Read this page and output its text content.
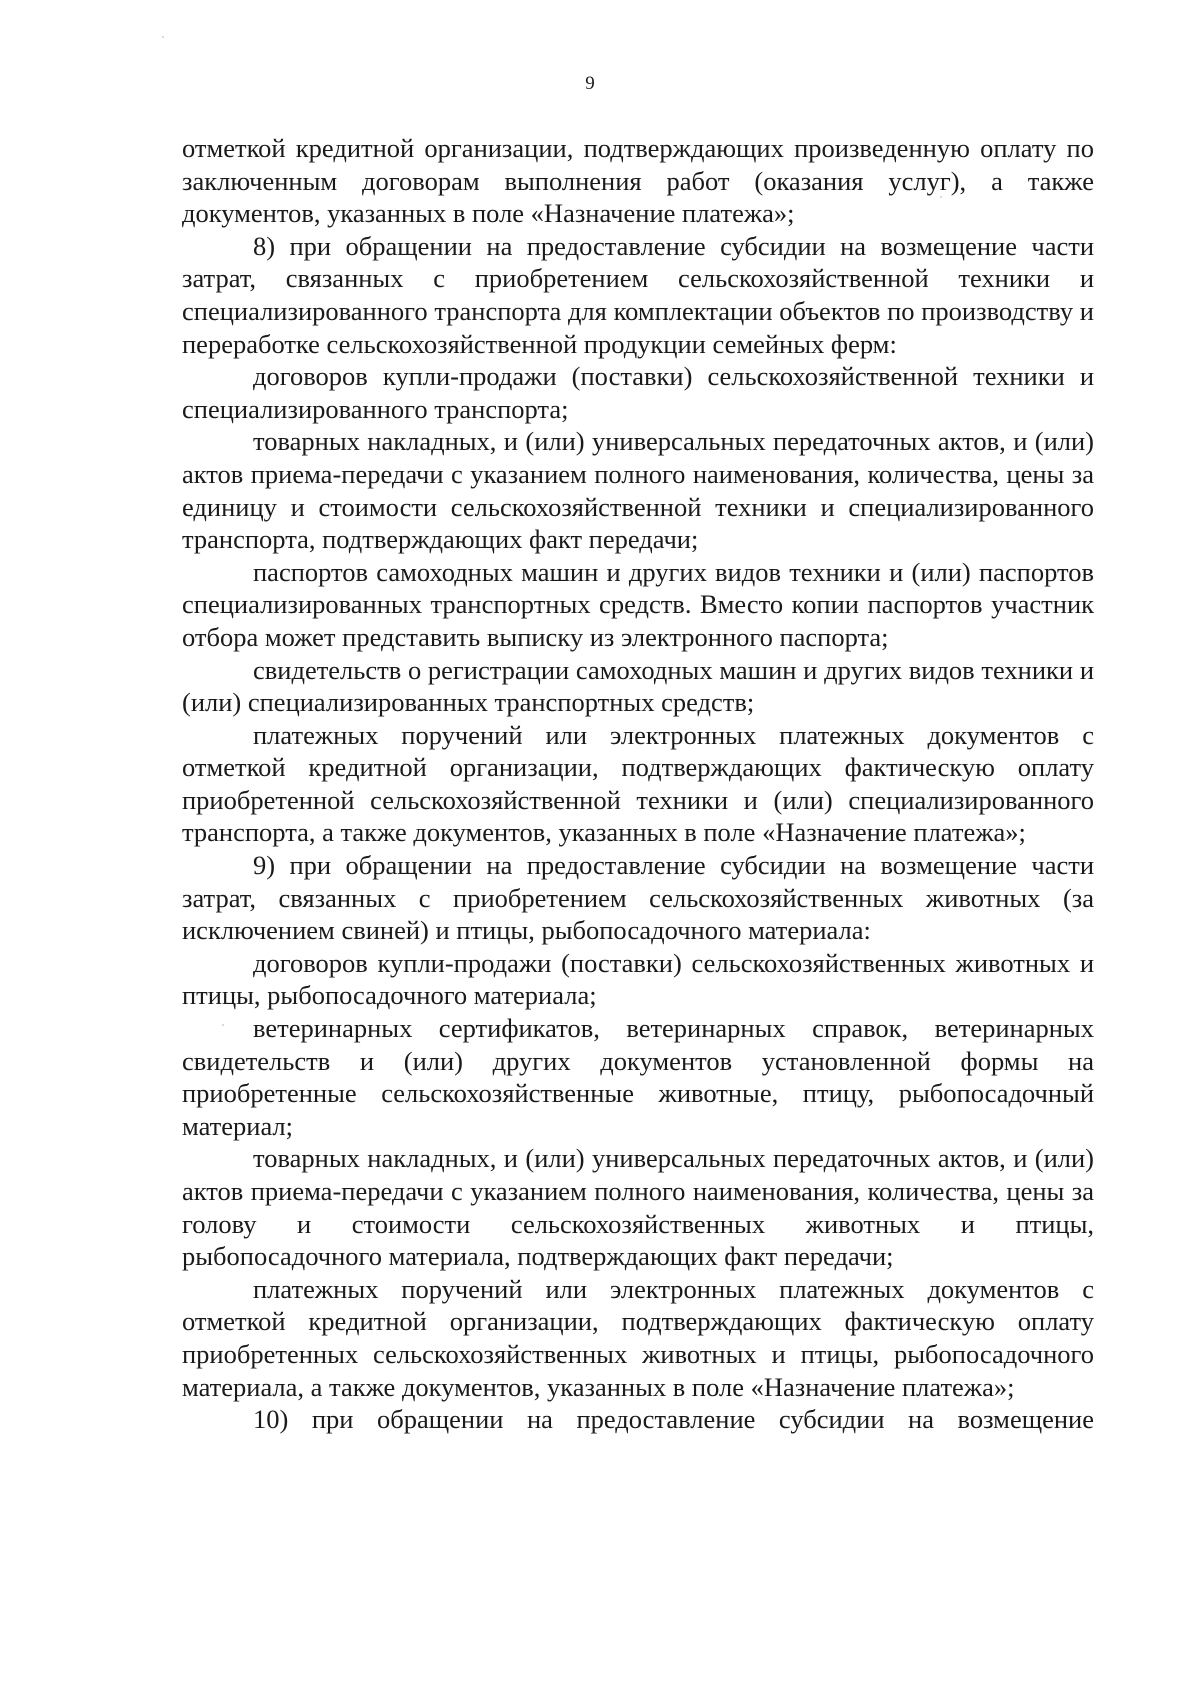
9

отметкой кредитной организации, подтверждающих произведенную оплату по заключенным договорам выполнения работ (оказания услуг), а также документов, указанных в поле «Назначение платежа»;

8) при обращении на предоставление субсидии на возмещение части затрат, связанных с приобретением сельскохозяйственной техники и специализированного транспорта для комплектации объектов по производству и переработке сельскохозяйственной продукции семейных ферм:

договоров купли-продажи (поставки) сельскохозяйственной техники и специализированного транспорта;

товарных накладных, и (или) универсальных передаточных актов, и (или) актов приема-передачи с указанием полного наименования, количества, цены за единицу и стоимости сельскохозяйственной техники и специализированного транспорта, подтверждающих факт передачи;

паспортов самоходных машин и других видов техники и (или) паспортов специализированных транспортных средств. Вместо копии паспортов участник отбора может представить выписку из электронного паспорта;

свидетельств о регистрации самоходных машин и других видов техники и (или) специализированных транспортных средств;

платежных поручений или электронных платежных документов с отметкой кредитной организации, подтверждающих фактическую оплату приобретенной сельскохозяйственной техники и (или) специализированного транспорта, а также документов, указанных в поле «Назначение платежа»;

9) при обращении на предоставление субсидии на возмещение части затрат, связанных с приобретением сельскохозяйственных животных (за исключением свиней) и птицы, рыбопосадочного материала:

договоров купли-продажи (поставки) сельскохозяйственных животных и птицы, рыбопосадочного материала;

ветеринарных сертификатов, ветеринарных справок, ветеринарных свидетельств и (или) других документов установленной формы на приобретенные сельскохозяйственные животные, птицу, рыбопосадочный материал;

товарных накладных, и (или) универсальных передаточных актов, и (или) актов приема-передачи с указанием полного наименования, количества, цены за голову и стоимости сельскохозяйственных животных и птицы, рыбопосадочного материала, подтверждающих факт передачи;

платежных поручений или электронных платежных документов с отметкой кредитной организации, подтверждающих фактическую оплату приобретенных сельскохозяйственных животных и птицы, рыбопосадочного материала, а также документов, указанных в поле «Назначение платежа»;

10) при обращении на предоставление субсидии на возмещение
